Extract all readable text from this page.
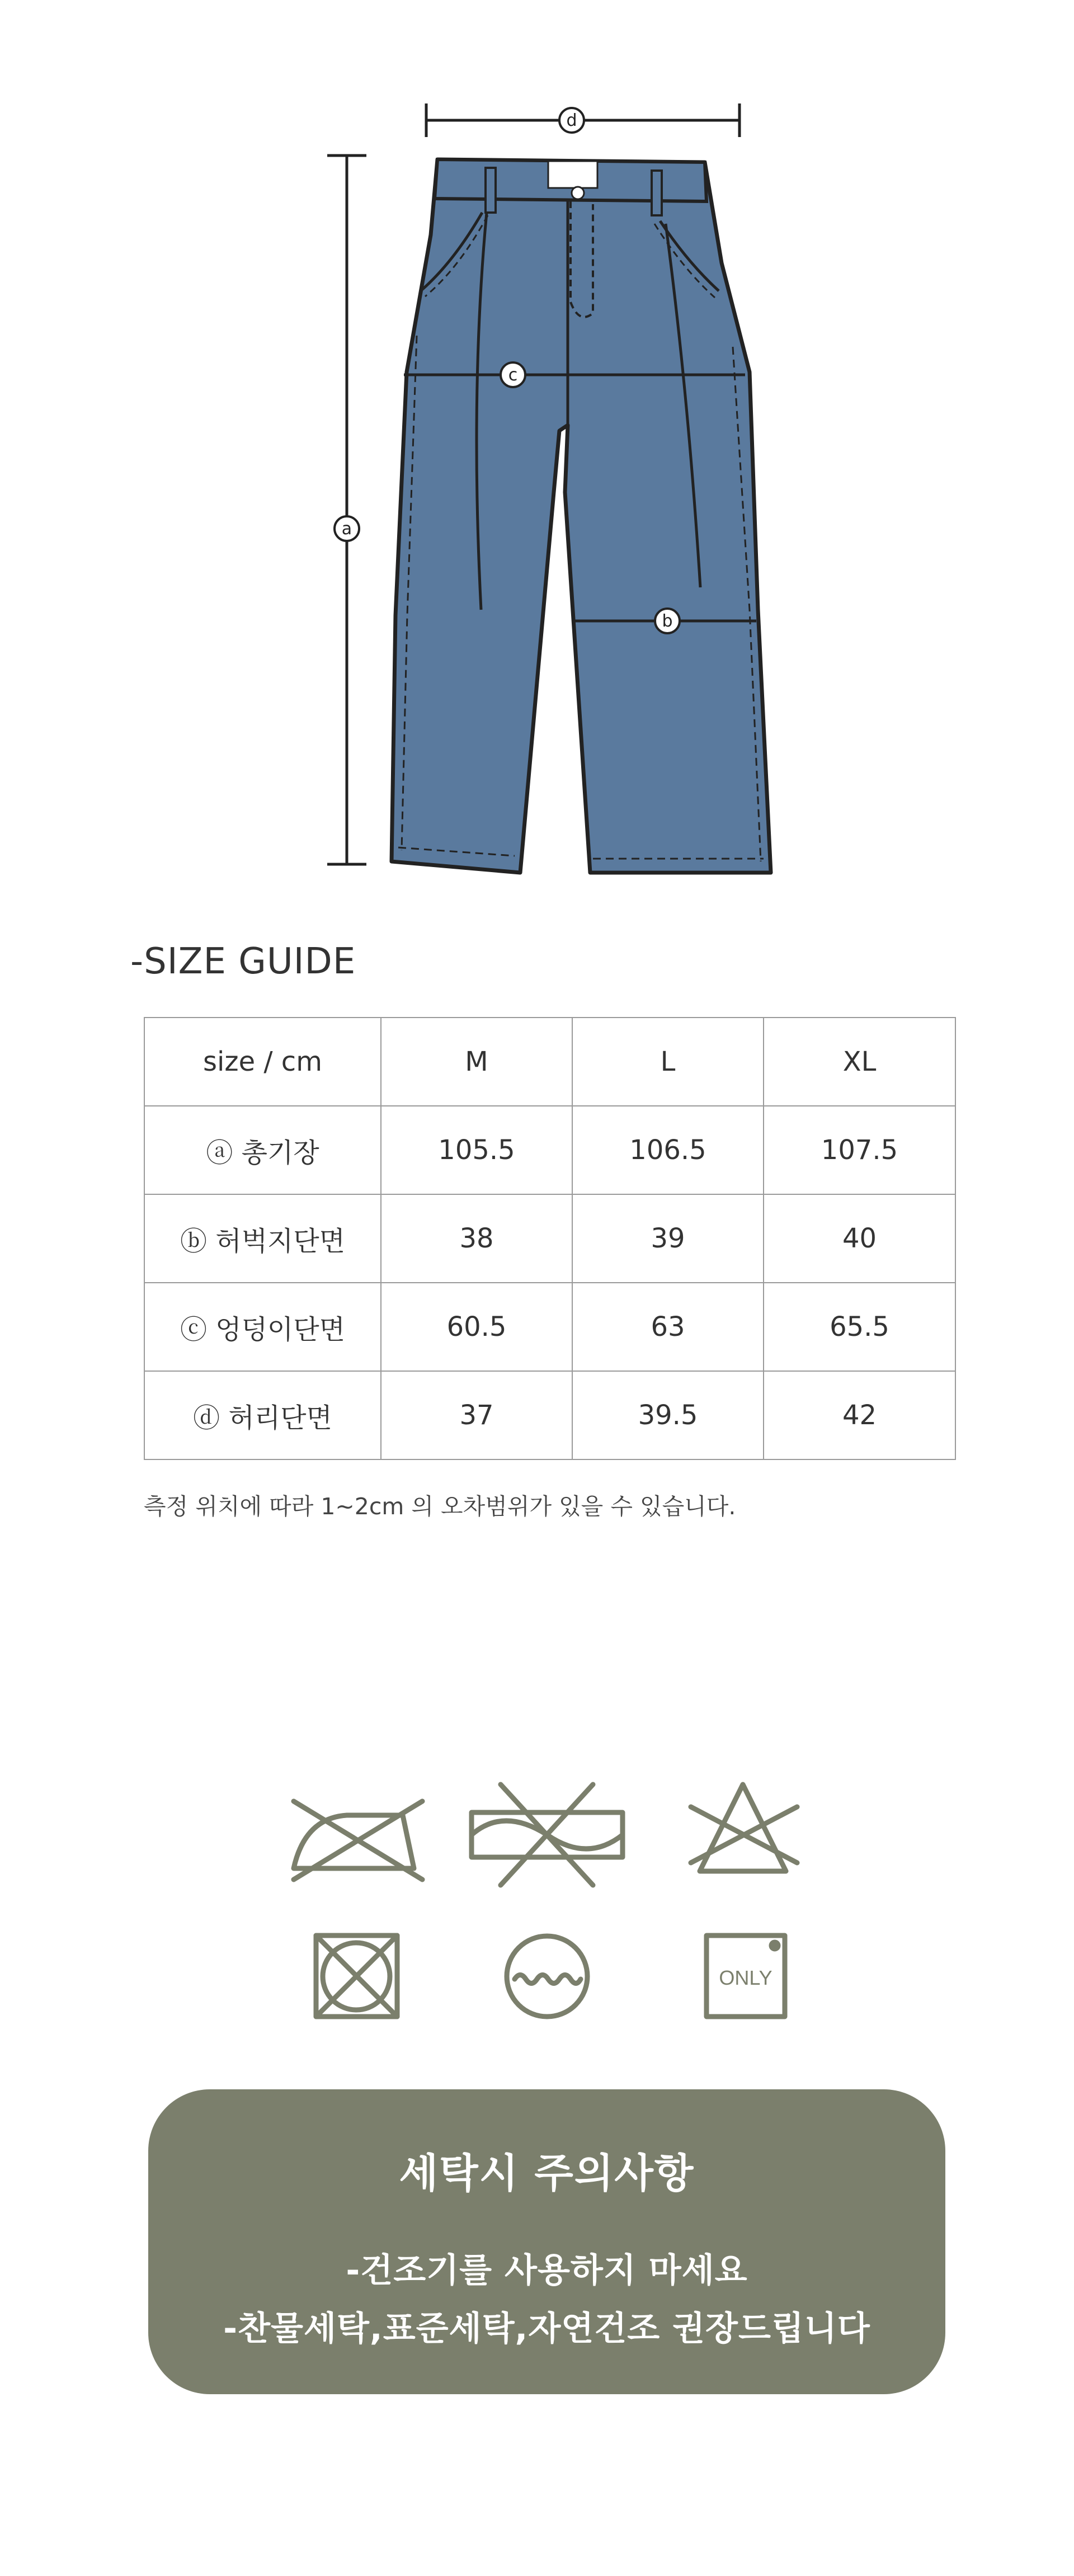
d
a
c
b
-SIZE GUIDE
size / cm	M	L	XL
ⓐ 총기장	105.5	106.5	107.5
ⓑ 허벅지단면	38	39	40
ⓒ 엉덩이단면	60.5	63	65.5
ⓓ 허리단면	37	39.5	42

측정 위치에 따라 1~2cm 의 오차범위가 있을 수 있습니다.

ONLY

세탁시 주의사항

-건조기를 사용하지 마세요

-찬물세탁,표준세탁,자연건조 권장드립니다
